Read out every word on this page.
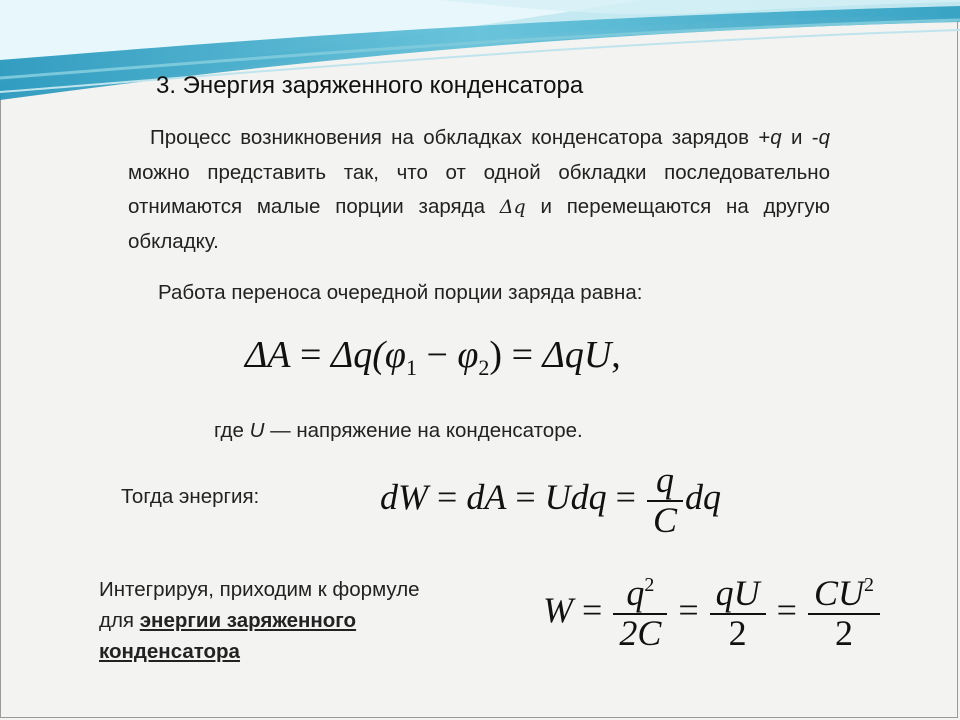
3. Энергия заряженного конденсатора
Процесс возникновения на обкладках конденсатора зарядов +q и -q можно представить так, что от одной обкладки последовательно отнимаются малые порции заряда Δq и перемещаются на другую обкладку.
Работа переноса очередной порции заряда равна:
$\Delta A = \Delta q(\varphi_1 - \varphi_2) = \Delta qU$,
где U — напряжение на конденсаторе.
Тогда энергия:	dW = dA = Udq = $\frac{q}{C}$ dq
Интегрируя, приходим к формуле
для энергии заряженного
конденсатора
$W = \frac{q^2}{2C} = \frac{qU}{2} = \frac{CU^2}{2}$
